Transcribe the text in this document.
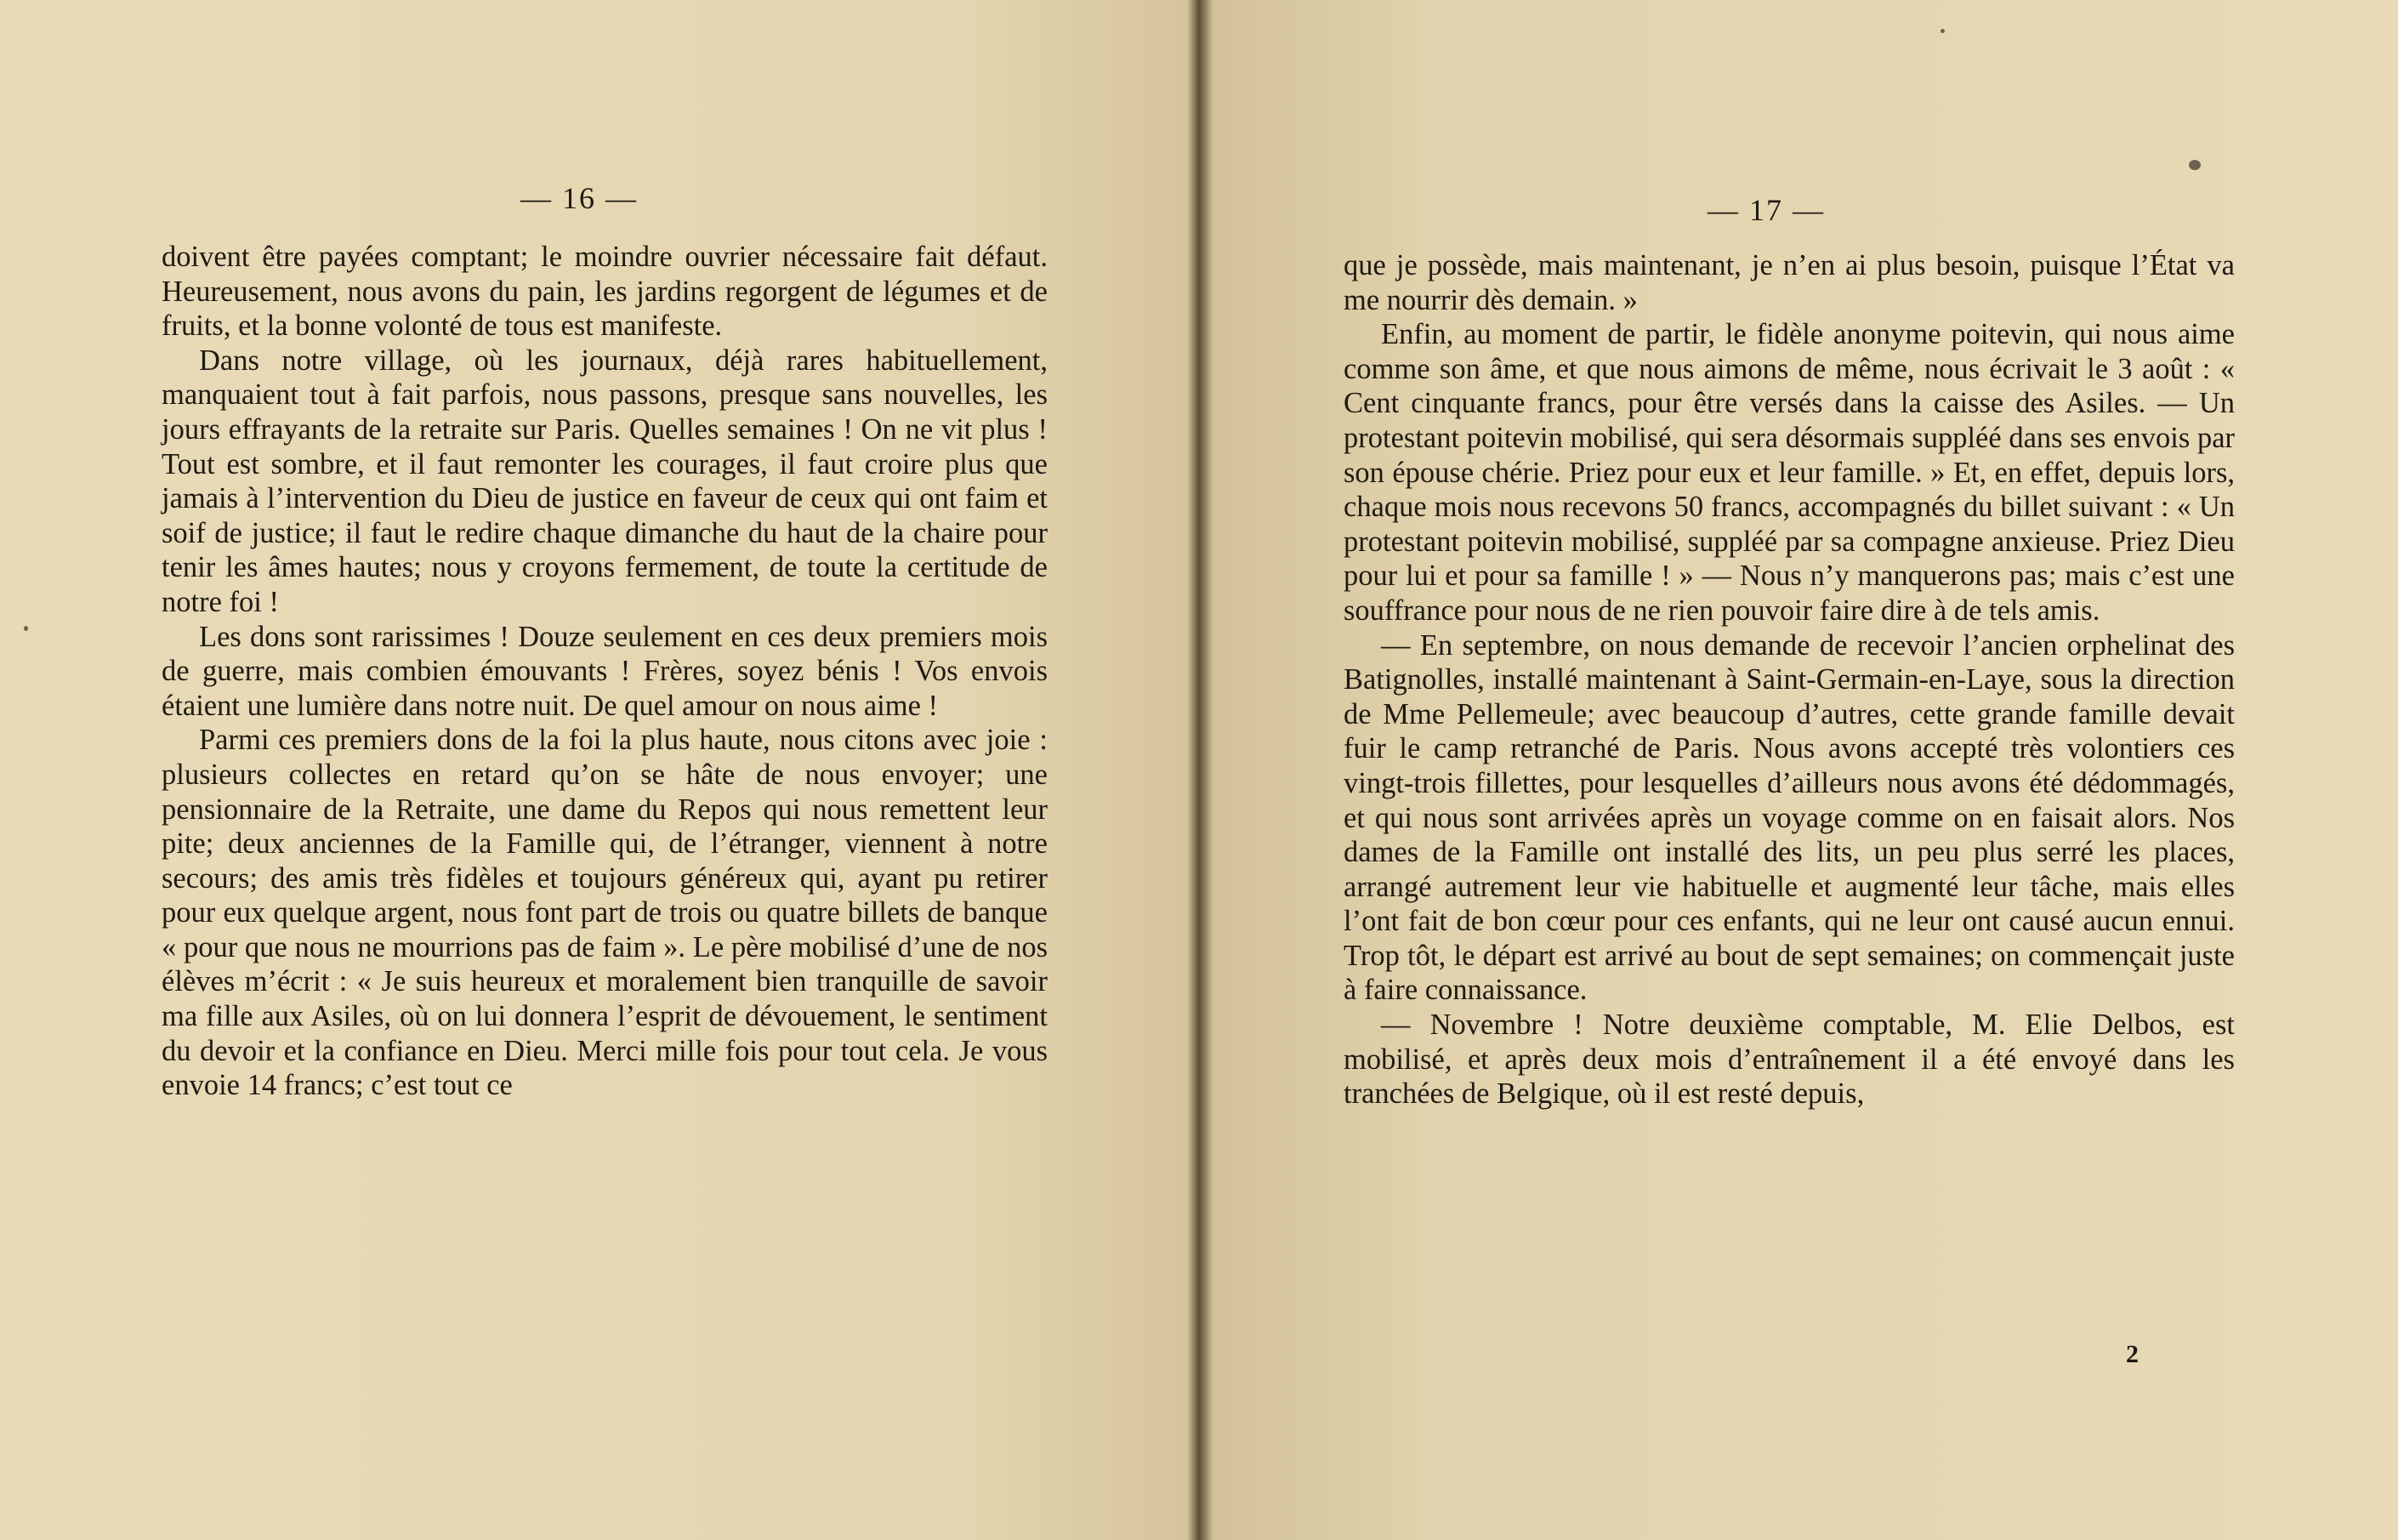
— 16 —

doivent être payées comptant; le moindre ouvrier nécessaire fait défaut. Heureusement, nous avons du pain, les jardins regorgent de légumes et de fruits, et la bonne volonté de tous est manifeste.

Dans notre village, où les journaux, déjà rares habituellement, manquaient tout à fait parfois, nous passons, presque sans nouvelles, les jours effrayants de la retraite sur Paris. Quelles semaines ! On ne vit plus ! Tout est sombre, et il faut remonter les courages, il faut croire plus que jamais à l’intervention du Dieu de justice en faveur de ceux qui ont faim et soif de justice; il faut le redire chaque dimanche du haut de la chaire pour tenir les âmes hautes; nous y croyons fermement, de toute la certitude de notre foi !

Les dons sont rarissimes ! Douze seulement en ces deux premiers mois de guerre, mais combien émouvants ! Frères, soyez bénis ! Vos envois étaient une lumière dans notre nuit. De quel amour on nous aime !

Parmi ces premiers dons de la foi la plus haute, nous citons avec joie : plusieurs collectes en retard qu’on se hâte de nous envoyer; une pensionnaire de la Retraite, une dame du Repos qui nous remettent leur pite; deux anciennes de la Famille qui, de l’étranger, viennent à notre secours; des amis très fidèles et toujours généreux qui, ayant pu retirer pour eux quelque argent, nous font part de trois ou quatre billets de banque « pour que nous ne mourrions pas de faim ». Le père mobilisé d’une de nos élèves m’écrit : « Je suis heureux et moralement bien tranquille de savoir ma fille aux Asiles, où on lui donnera l’esprit de dévouement, le sentiment du devoir et la confiance en Dieu. Merci mille fois pour tout cela. Je vous envoie 14 francs; c’est tout ce

— 17 —

que je possède, mais maintenant, je n’en ai plus besoin, puisque l’État va me nourrir dès demain. »

Enfin, au moment de partir, le fidèle anonyme poitevin, qui nous aime comme son âme, et que nous aimons de même, nous écrivait le 3 août : « Cent cinquante francs, pour être versés dans la caisse des Asiles. — Un protestant poitevin mobilisé, qui sera désormais suppléé dans ses envois par son épouse chérie. Priez pour eux et leur famille. » Et, en effet, depuis lors, chaque mois nous recevons 50 francs, accompagnés du billet suivant : « Un protestant poitevin mobilisé, suppléé par sa compagne anxieuse. Priez Dieu pour lui et pour sa famille ! » — Nous n’y manquerons pas; mais c’est une souffrance pour nous de ne rien pouvoir faire dire à de tels amis.

— En septembre, on nous demande de recevoir l’ancien orphelinat des Batignolles, installé maintenant à Saint-Germain-en-Laye, sous la direction de Mme Pellemeule; avec beaucoup d’autres, cette grande famille devait fuir le camp retranché de Paris. Nous avons accepté très volontiers ces vingt-trois fillettes, pour lesquelles d’ailleurs nous avons été dédommagés, et qui nous sont arrivées après un voyage comme on en faisait alors. Nos dames de la Famille ont installé des lits, un peu plus serré les places, arrangé autrement leur vie habituelle et augmenté leur tâche, mais elles l’ont fait de bon cœur pour ces enfants, qui ne leur ont causé aucun ennui. Trop tôt, le départ est arrivé au bout de sept semaines; on commençait juste à faire connaissance.

— Novembre ! Notre deuxième comptable, M. Elie Delbos, est mobilisé, et après deux mois d’entraînement il a été envoyé dans les tranchées de Belgique, où il est resté depuis,

2
